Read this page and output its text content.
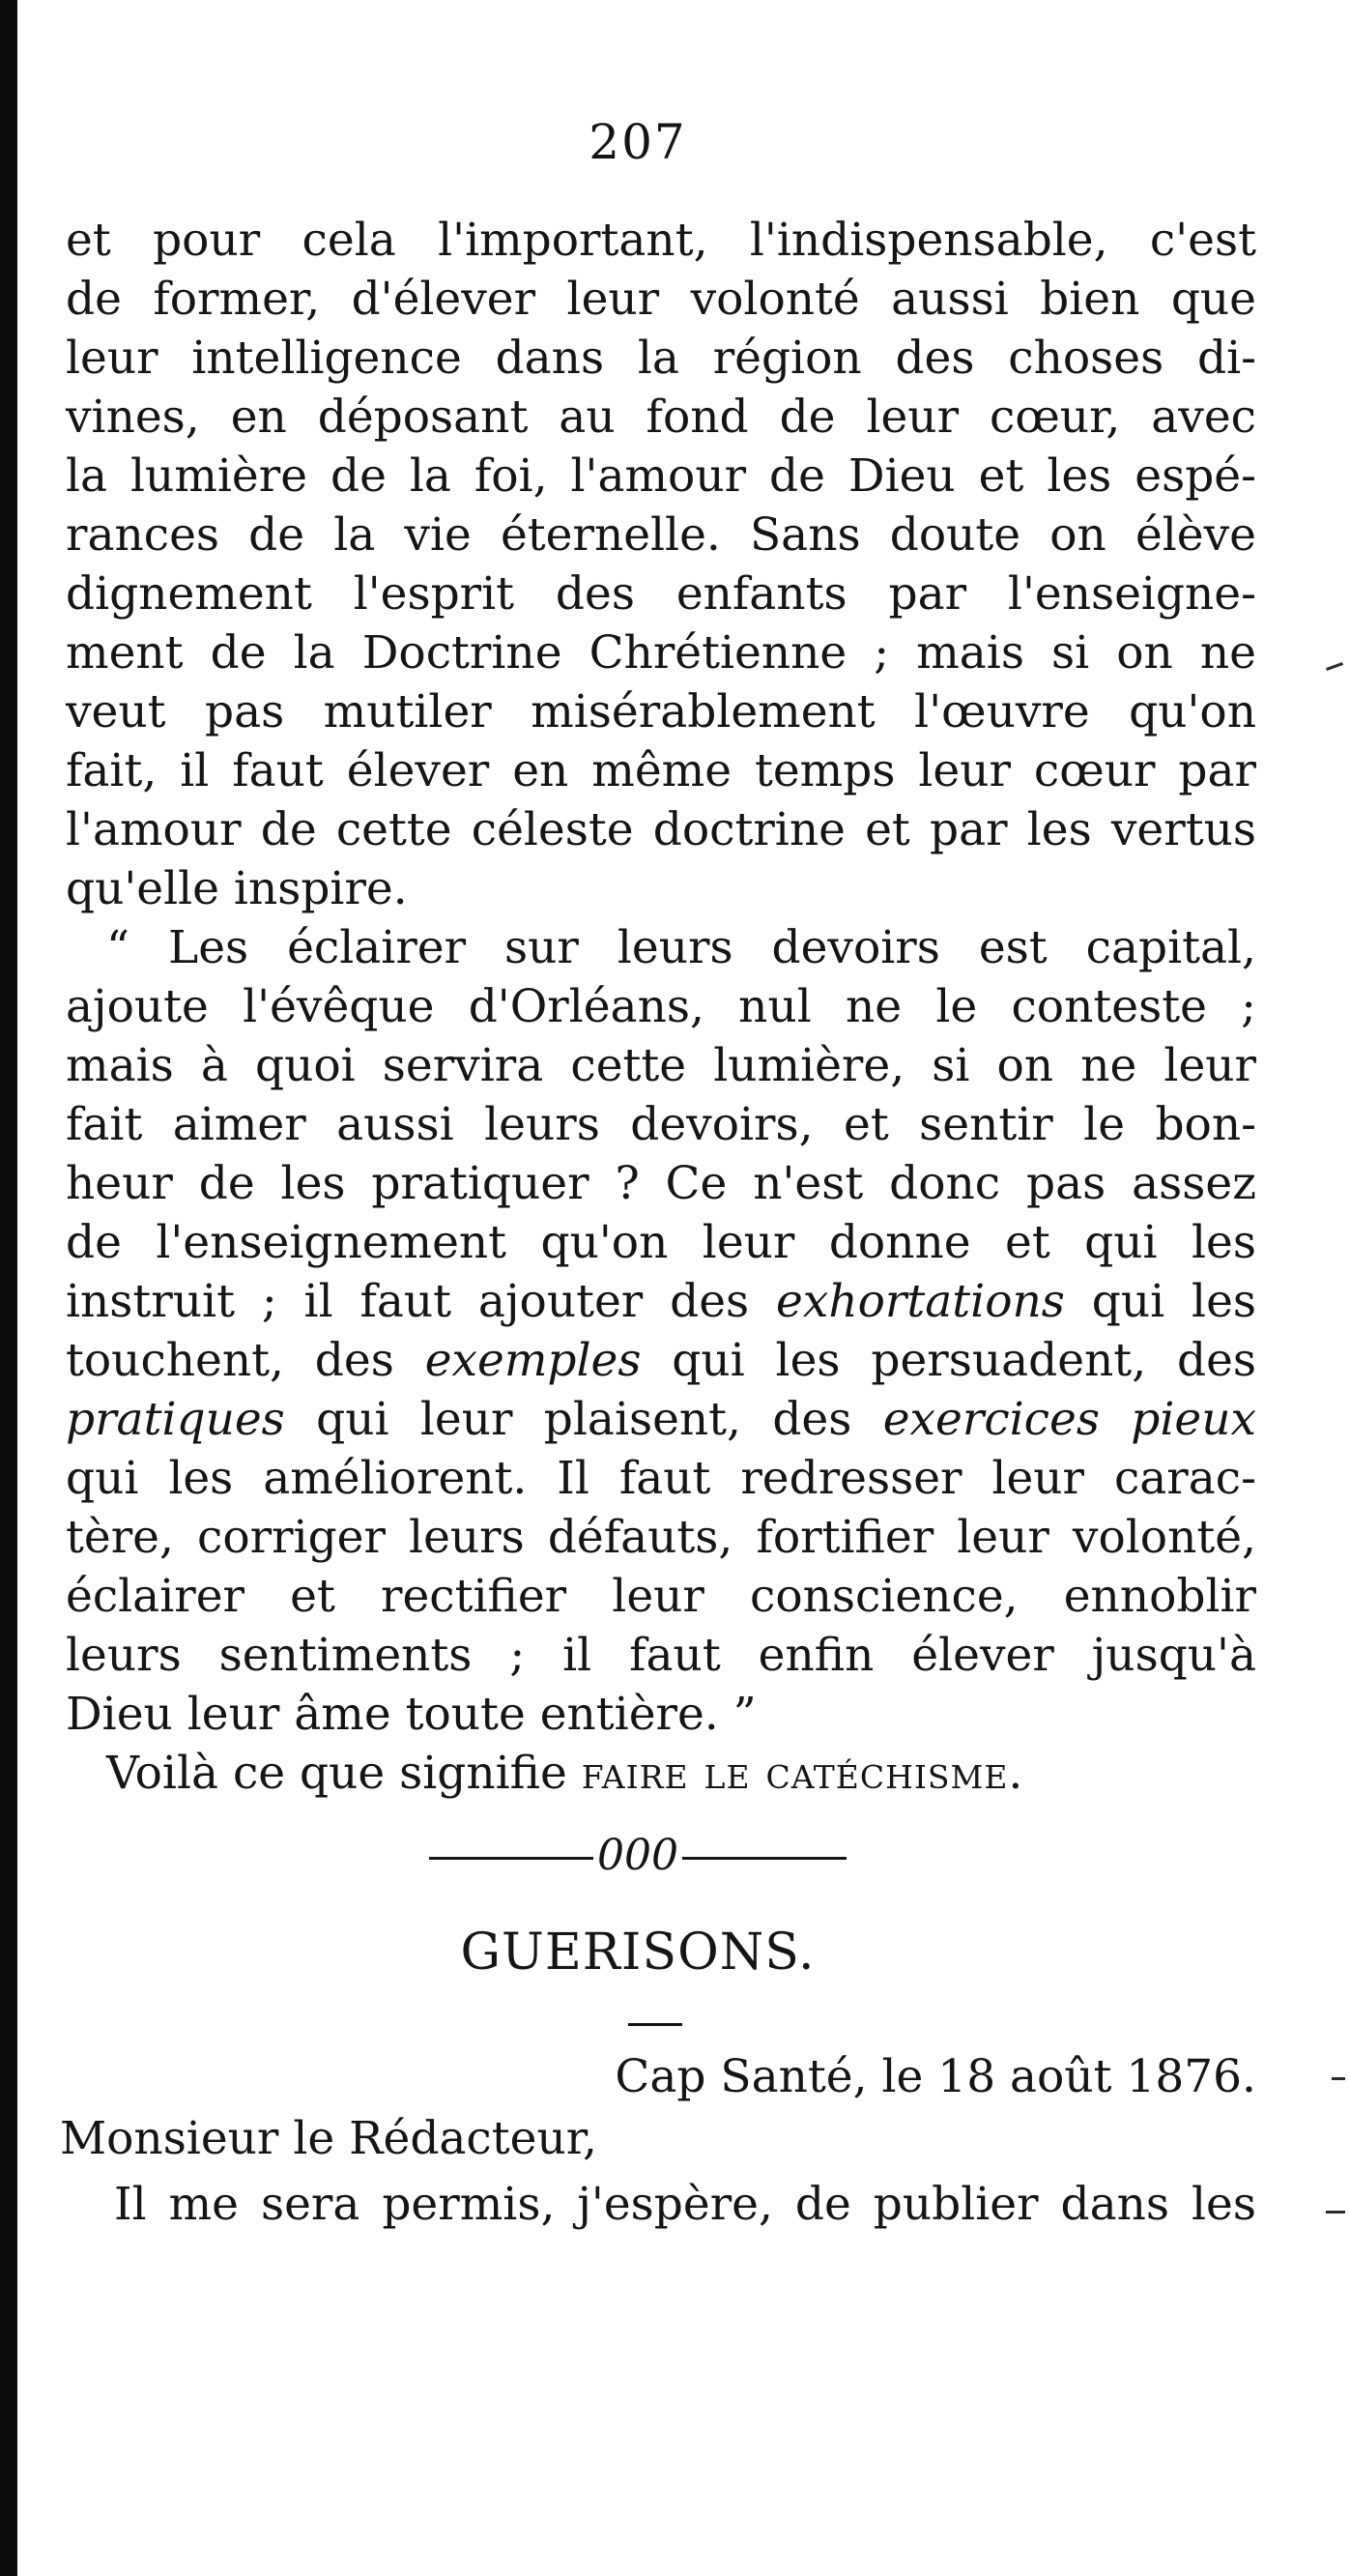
207
et pour cela l'important, l'indispensable, c'est
de former, d'élever leur volonté aussi bien que
leur intelligence dans la région des choses di-
vines, en déposant au fond de leur cœur, avec
la lumière de la foi, l'amour de Dieu et les espé-
rances de la vie éternelle. Sans doute on élève
dignement l'esprit des enfants par l'enseigne-
ment de la Doctrine Chrétienne ; mais si on ne
veut pas mutiler misérablement l'œuvre qu'on
fait, il faut élever en même temps leur cœur par
l'amour de cette céleste doctrine et par les vertus
qu'elle inspire.
“ Les éclairer sur leurs devoirs est capital,
ajoute l'évêque d'Orléans, nul ne le conteste ;
mais à quoi servira cette lumière, si on ne leur
fait aimer aussi leurs devoirs, et sentir le bon-
heur de les pratiquer ? Ce n'est donc pas assez
de l'enseignement qu'on leur donne et qui les
instruit ; il faut ajouter des exhortations qui les
touchent, des exemples qui les persuadent, des
pratiques qui leur plaisent, des exercices pieux
qui les améliorent. Il faut redresser leur carac-
tère, corriger leurs défauts, fortifier leur volonté,
éclairer et rectifier leur conscience, ennoblir
leurs sentiments ; il faut enfin élever jusqu'à
Dieu leur âme toute entière. ”
Voilà ce que signifie faire le catéchisme.
000
GUERISONS.
Cap Santé, le 18 août 1876.
Monsieur le Rédacteur,
Il me sera permis, j'espère, de publier dans les
